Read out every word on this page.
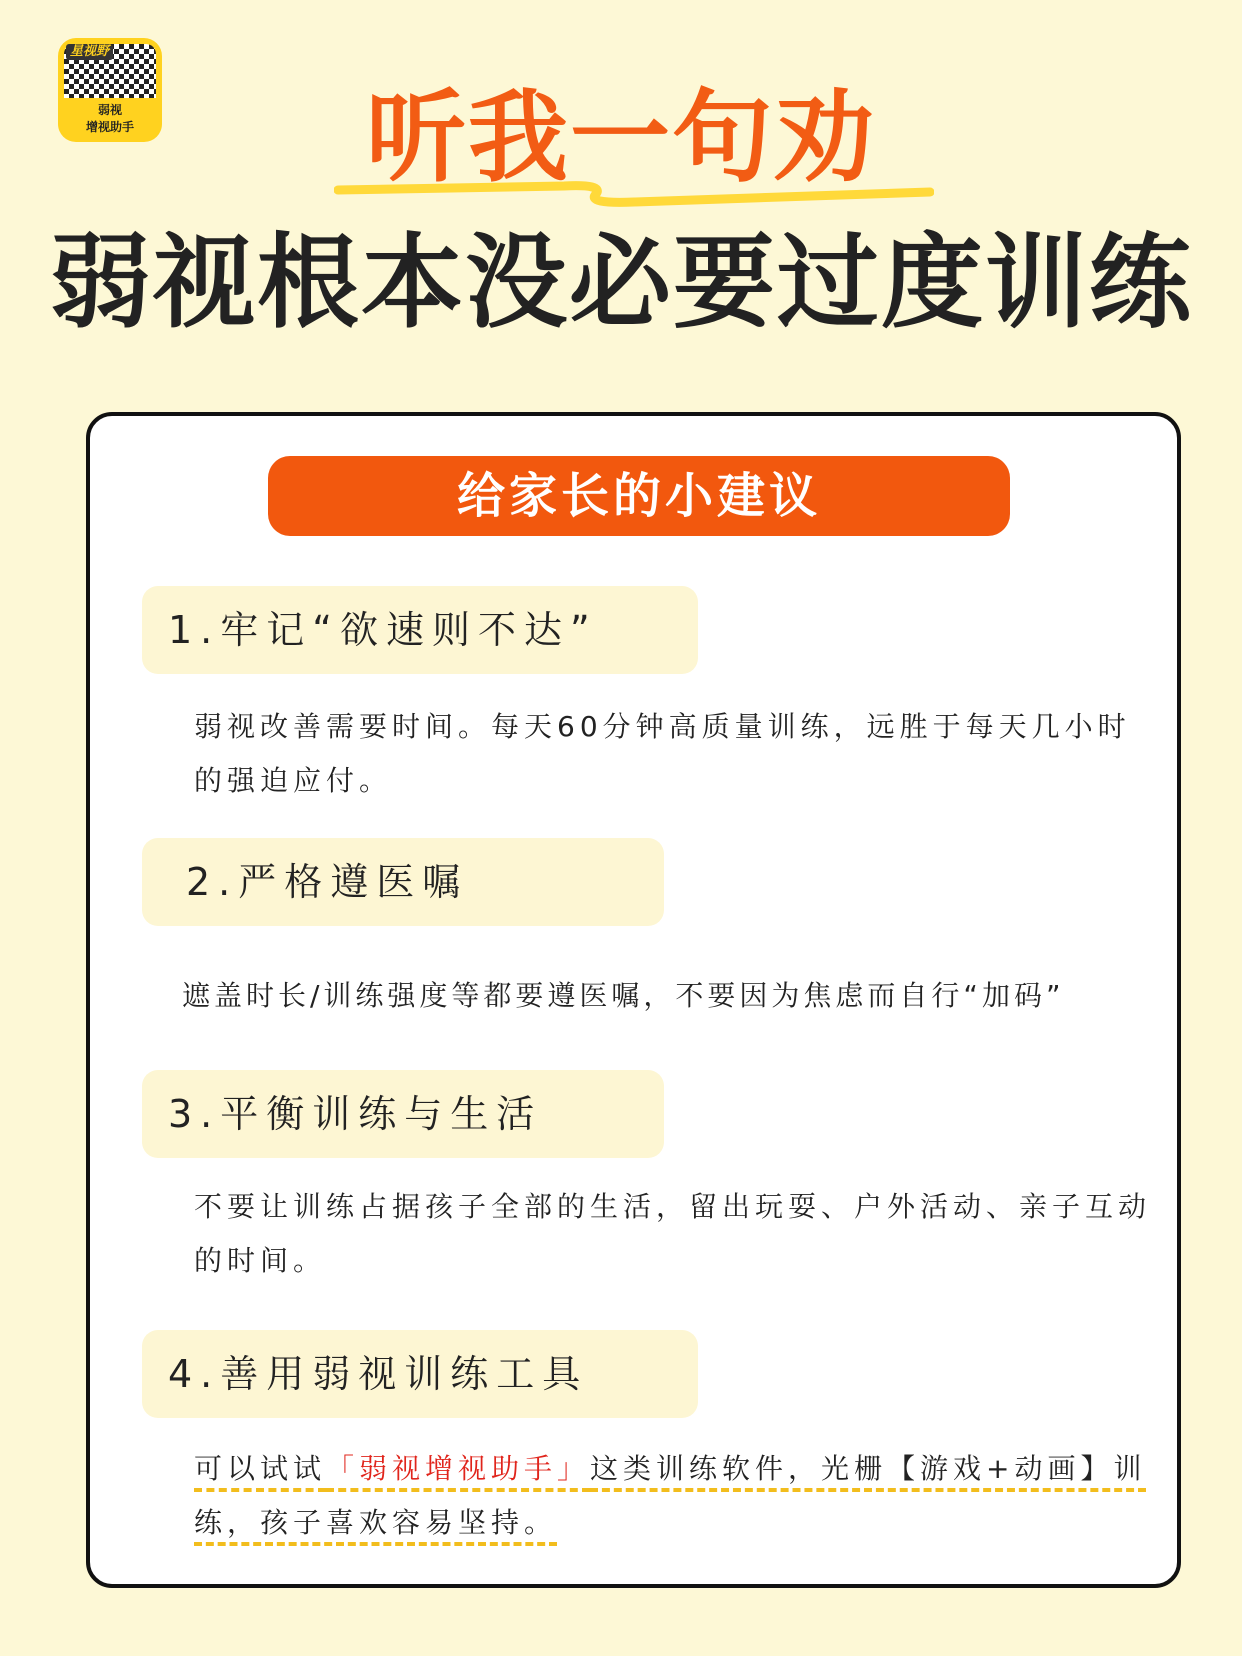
星视野
弱视
增视助手	听我一句劝
弱视根本没必要过度训练
给家长的小建议
1.牢记“欲速则不达”
弱视改善需要时间。每天60分钟高质量训练，远胜于每天几小时的强迫应付。
2.严格遵医嘱
遮盖时长/训练强度等都要遵医嘱，不要因为焦虑而自行“加码”
3.平衡训练与生活
不要让训练占据孩子全部的生活，留出玩耍、户外活动、亲子互动的时间。
4.善用弱视训练工具
可以试试「弱视增视助手」这类训练软件，光栅【游戏+动画】训练，孩子喜欢容易坚持。
